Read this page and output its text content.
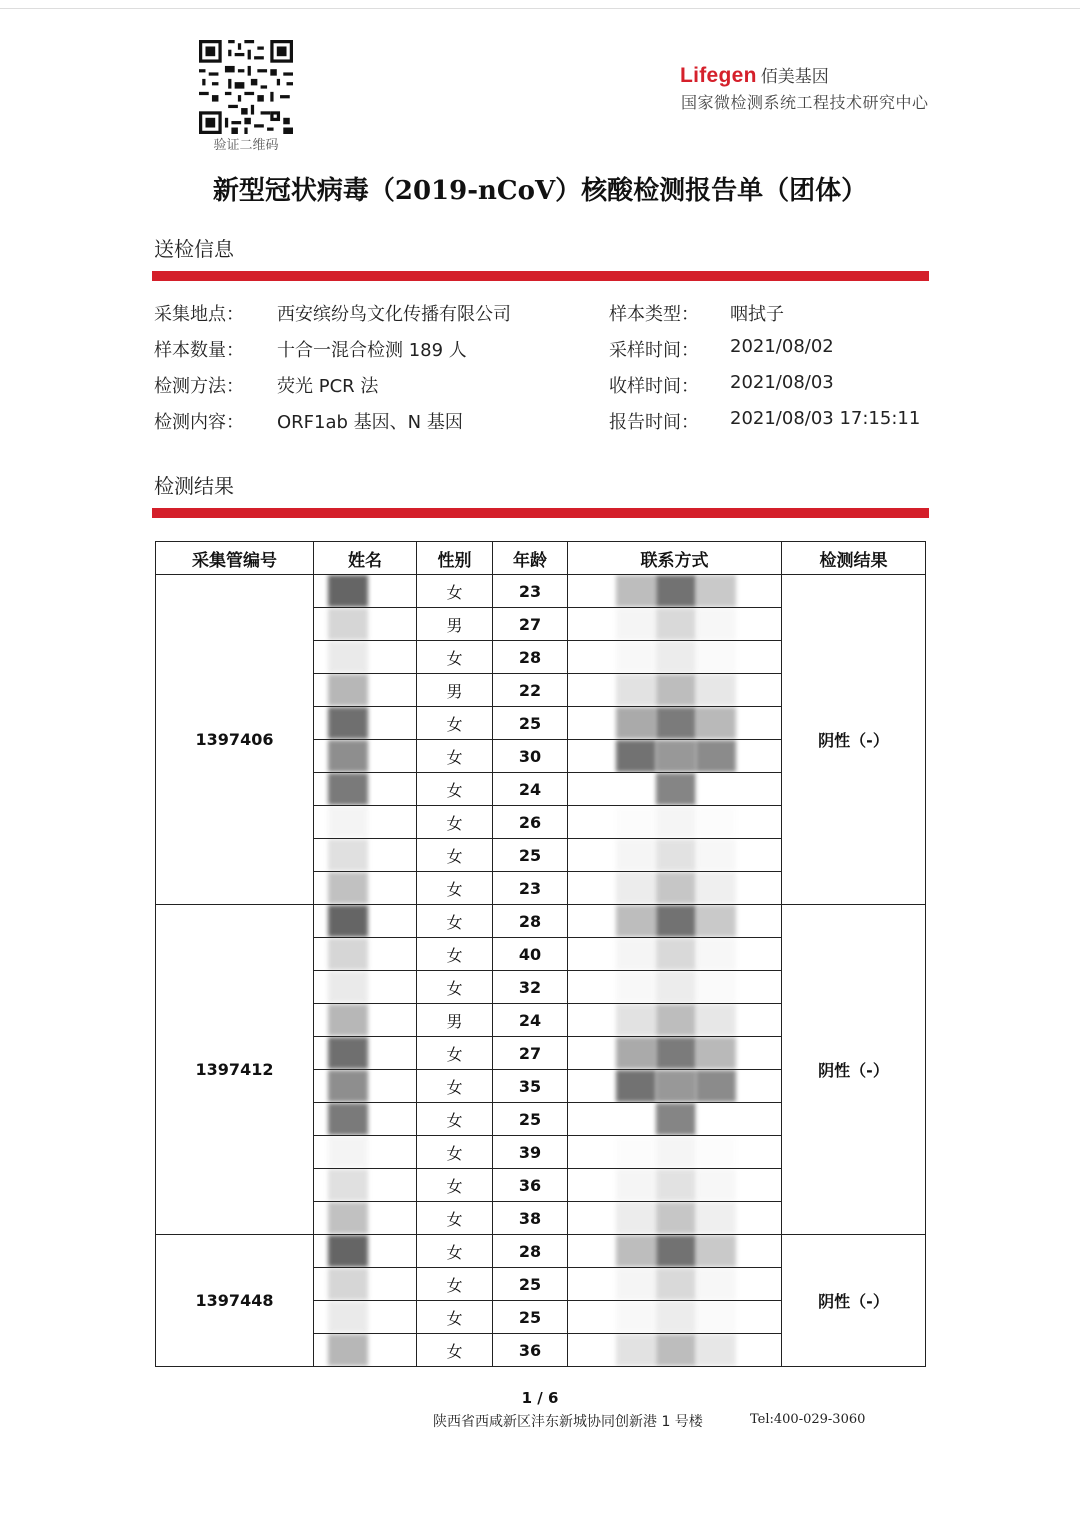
验证二维码
Lifegen 佰美基因
国家微检测系统工程技术研究中心
新型冠状病毒（2019-nCoV）核酸检测报告单（团体）
送检信息
采集地点： 西安缤纷鸟文化传播有限公司
样本数量： 十合一混合检测 189 人
检测方法： 荧光 PCR 法
检测内容： ORF1ab 基因、N 基因
样本类型： 咽拭子
采样时间： 2021/08/02
收样时间： 2021/08/03
报告时间： 2021/08/03 17:15:11
检测结果
采集管编号	姓名	性别	年龄	联系方式	检测结果
1397406		女	23		阴性（-）

		男	27		

		女	28		

		男	22		

		女	25		

		女	30		

		女	24		

		女	26		

		女	25		

		女	23		

1397412		女	28		阴性（-）

		女	40		

		女	32		

		男	24		

		女	27		

		女	35		

		女	25		

		女	39		

		女	36		

		女	38		

1397448		女	28		阴性（-）

		女	25		

		女	25		

		女	36		
1 / 6
陕西省西咸新区沣东新城协同创新港 1 号楼	Tel:400-029-3060
